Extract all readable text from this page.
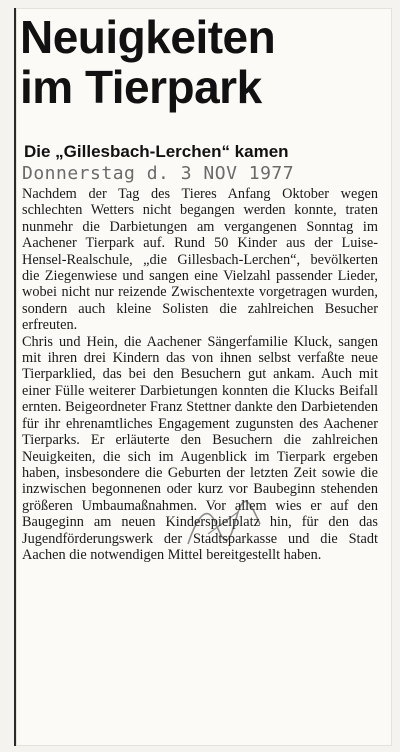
Neuigkeiten
im Tierpark
Die „Gillesbach-Lerchen“ kamen
Donnerstag d. 3 NOV 1977

Nachdem der Tag des Tieres Anfang Oktober wegen schlechten Wetters nicht begangen werden konnte, traten nunmehr die Darbietungen am vergangenen Sonntag im Aachener Tierpark auf. Rund 50 Kinder aus der Luise-Hensel-Realschule, „die Gillesbach-Lerchen“, bevölkerten die Ziegenwiese und sangen eine Vielzahl passender Lieder, wobei nicht nur reizende Zwischentexte vorgetragen wurden, sondern auch kleine Solisten die zahlreichen Besucher erfreuten.

Chris und Hein, die Aachener Sängerfamilie Kluck, sangen mit ihren drei Kindern das von ihnen selbst verfaßte neue Tierparklied, das bei den Besuchern gut ankam. Auch mit einer Fülle weiterer Darbietungen konnten die Klucks Beifall ernten. Beigeordneter Franz Stettner dankte den Darbietenden für ihr ehrenamtliches Engagement zugunsten des Aachener Tierparks. Er erläuterte den Besuchern die zahlreichen Neuigkeiten, die sich im Augenblick im Tierpark ergeben haben, insbesondere die Geburten der letzten Zeit sowie die inzwischen begonnenen oder kurz vor Baubeginn stehenden größeren Umbaumaßnahmen. Vor allem wies er auf den Baugeginn am neuen Kinderspielplatz hin, für den das Jugendförderungswerk der Stadtsparkasse und die Stadt Aachen die notwendigen Mittel bereitgestellt haben.
